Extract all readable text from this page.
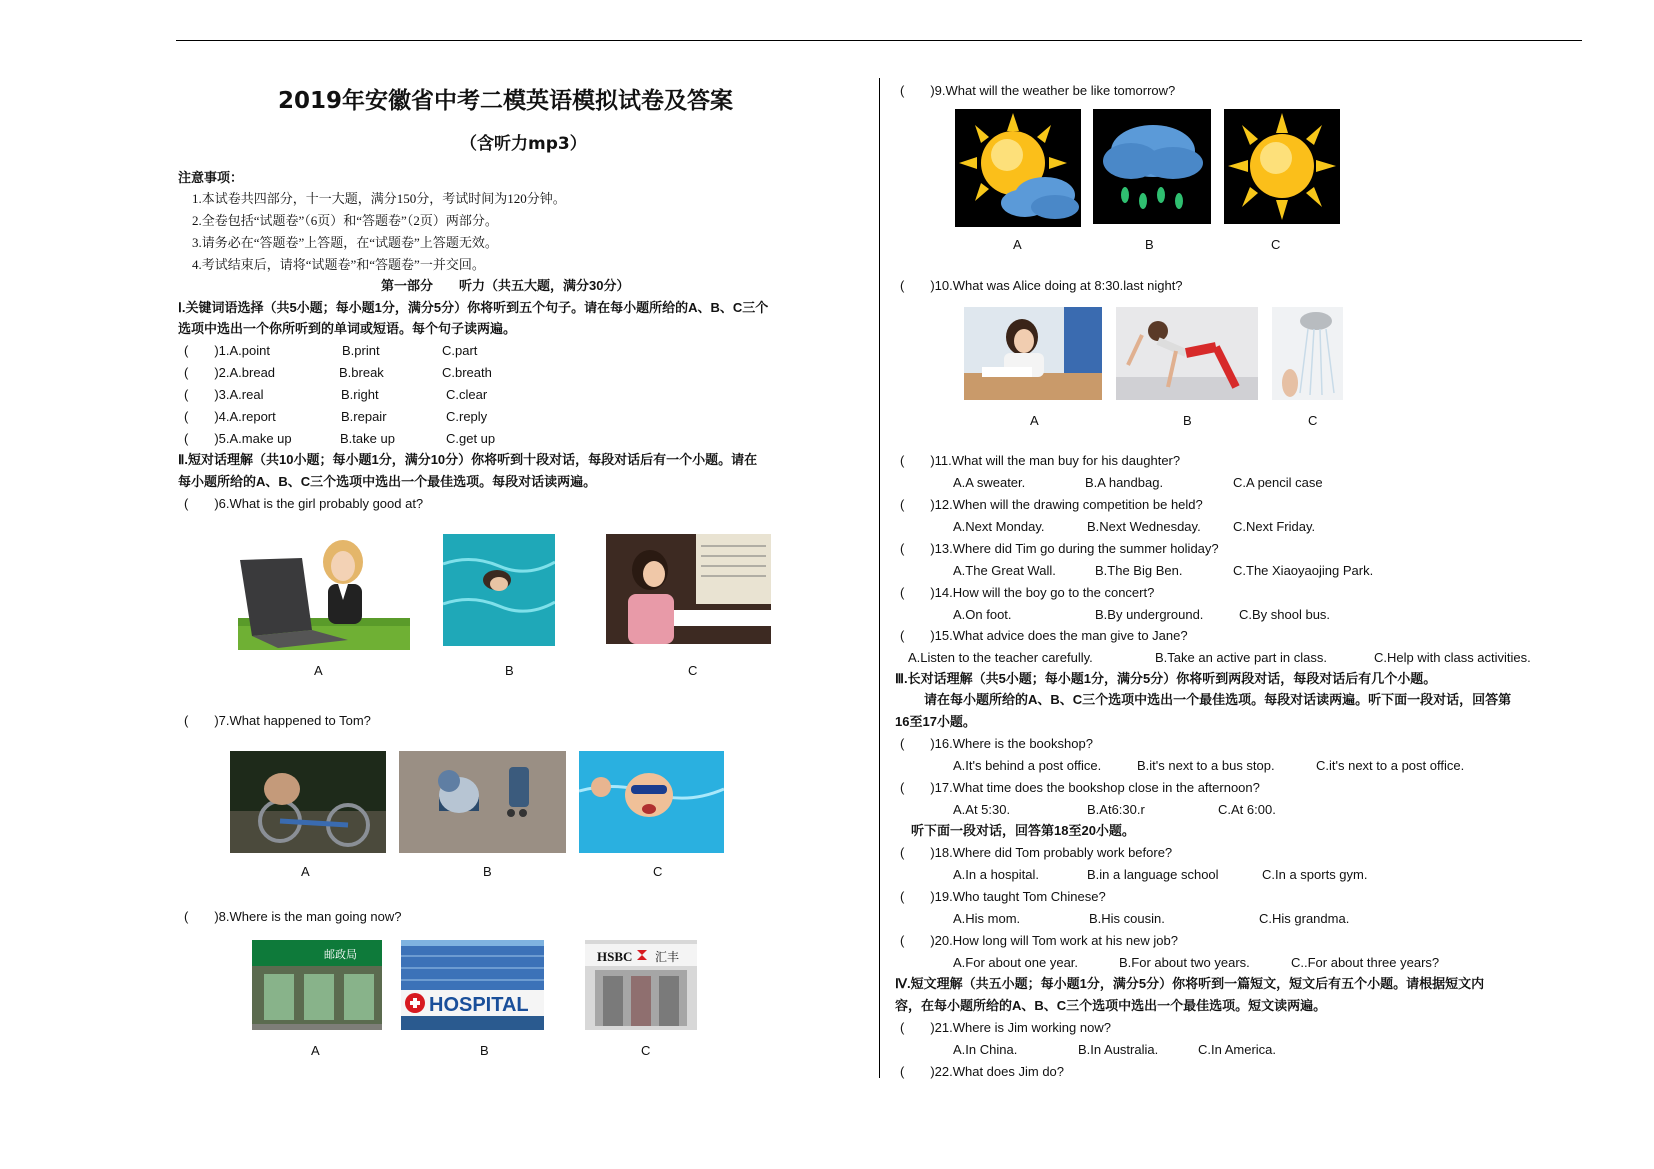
2019年安徽省中考二模英语模拟试卷及答案
（含听力mp3）
注意事项：
1.本试卷共四部分，十一大题，满分150分，考试时间为120分钟。
2.全卷包括“试题卷”（6页）和“答题卷”（2页）两部分。
3.请务必在“答题卷”上答题，在“试题卷”上答题无效。
4.考试结束后，请将“试题卷”和“答题卷”一并交回。
第一部分　　听力（共五大题，满分30分）
Ⅰ.关键词语选择（共5小题；每小题1分，满分5分）你将听到五个句子。请在每小题所给的A、B、C三个
选项中选出一个你所听到的单词或短语。每个句子读两遍。
(　　)1.A.point	B.print	C.part
(　　)2.A.bread	B.break	C.breath
(　　)3.A.real	B.right	C.clear
(　　)4.A.report	B.repair	C.reply
(　　)5.A.make up	B.take up	C.get up
Ⅱ.短对话理解（共10小题；每小题1分，满分10分）你将听到十段对话，每段对话后有一个小题。请在
每小题所给的A、B、C三个选项中选出一个最佳选项。每段对话读两遍。
(　　)6.What is the girl probably good at?
A	B	C
(　　)7.What happened to Tom?
A	B	C
(　　)8.Where is the man going now?
邮政局
HOSPITAL
HSBC 汇丰
A	B	C
(　　)9.What will the weather be like tomorrow?
A	B	C
(　　)10.What was Alice doing at 8:30.last night?
A	B	C
(　　)11.What will the man buy for his daughter?
A.A sweater.	B.A handbag.	C.A pencil case
(　　)12.When will the drawing competition be held?
A.Next Monday.	B.Next Wednesday. C.Next Friday.
(　　)13.Where did Tim go during the summer holiday?
A.The Great Wall.	B.The Big Ben.	C.The Xiaoyaojing Park.
(　　)14.How will the boy go to the concert?
A.On foot.	B.By underground.	C.By shool bus.
(　　)15.What advice does the man give to Jane?
A.Listen to the teacher carefully.	B.Take an active part in class.	C.Help with class activities.
Ⅲ.长对话理解（共5小题；每小题1分，满分5分）你将听到两段对话，每段对话后有几个小题。
请在每小题所给的A、B、C三个选项中选出一个最佳选项。每段对话读两遍。听下面一段对话，回答第
16至17小题。
(　　)16.Where is the bookshop?
A.It's behind a post office.	B.it's next to a bus stop.	C.it's next to a post office.
(　　)17.What time does the bookshop close in the afternoon?
A.At 5:30.	B.At6:30.r	C.At 6:00.
听下面一段对话，回答第18至20小题。
(　　)18.Where did Tom probably work before?
A.In a hospital.	B.in a language school	C.In a sports gym.
(　　)19.Who taught Tom Chinese?
A.His mom.	B.His cousin.	C.His grandma.
(　　)20.How long will Tom work at his new job?
A.For about one year.	B.For about two years.	C..For about three years?
Ⅳ.短文理解（共五小题；每小题1分，满分5分）你将听到一篇短文，短文后有五个小题。请根据短文内
容，在每小题所给的A、B、C三个选项中选出一个最佳选项。短文读两遍。
(　　)21.Where is Jim working now?
A.In China.	B.In Australia.	C.In America.
(　　)22.What does Jim do?
